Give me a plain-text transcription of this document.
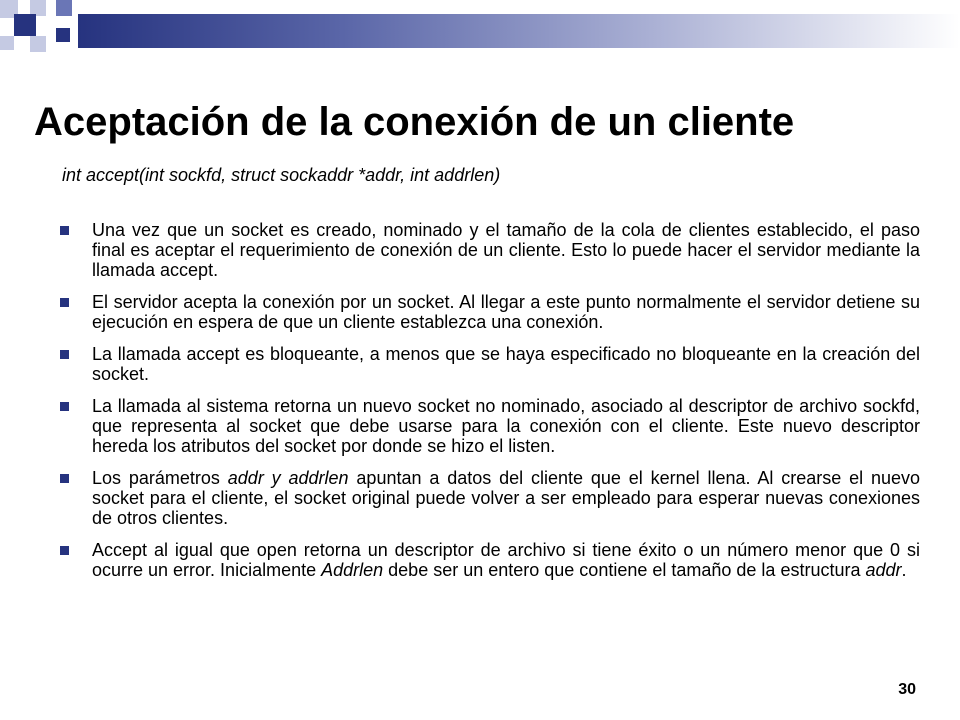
Aceptación de la conexión de un cliente
int accept(int sockfd, struct sockaddr *addr, int addrlen)
Una vez que un socket es creado, nominado y el tamaño de la cola de clientes establecido, el paso final es aceptar el requerimiento de conexión de un cliente. Esto lo puede hacer el servidor mediante la llamada accept.
El servidor acepta la conexión por un socket. Al llegar a este punto normalmente el servidor detiene su ejecución en espera de que un cliente establezca una conexión.
La llamada accept es bloqueante, a menos que se haya especificado no bloqueante en la creación del socket.
La llamada al sistema retorna un nuevo socket no nominado, asociado al descriptor de archivo sockfd, que representa al socket que debe usarse para la conexión con el cliente. Este nuevo descriptor hereda los atributos del socket por donde se hizo el listen.
Los parámetros addr y addrlen apuntan a datos del cliente que el kernel llena. Al crearse el nuevo socket para el cliente, el socket original puede volver a ser empleado para esperar nuevas conexiones de otros clientes.
Accept al igual que open retorna un descriptor de archivo si tiene éxito o un número menor que 0 si ocurre un error. Inicialmente Addrlen debe ser un entero que contiene el tamaño de la estructura addr.
30
